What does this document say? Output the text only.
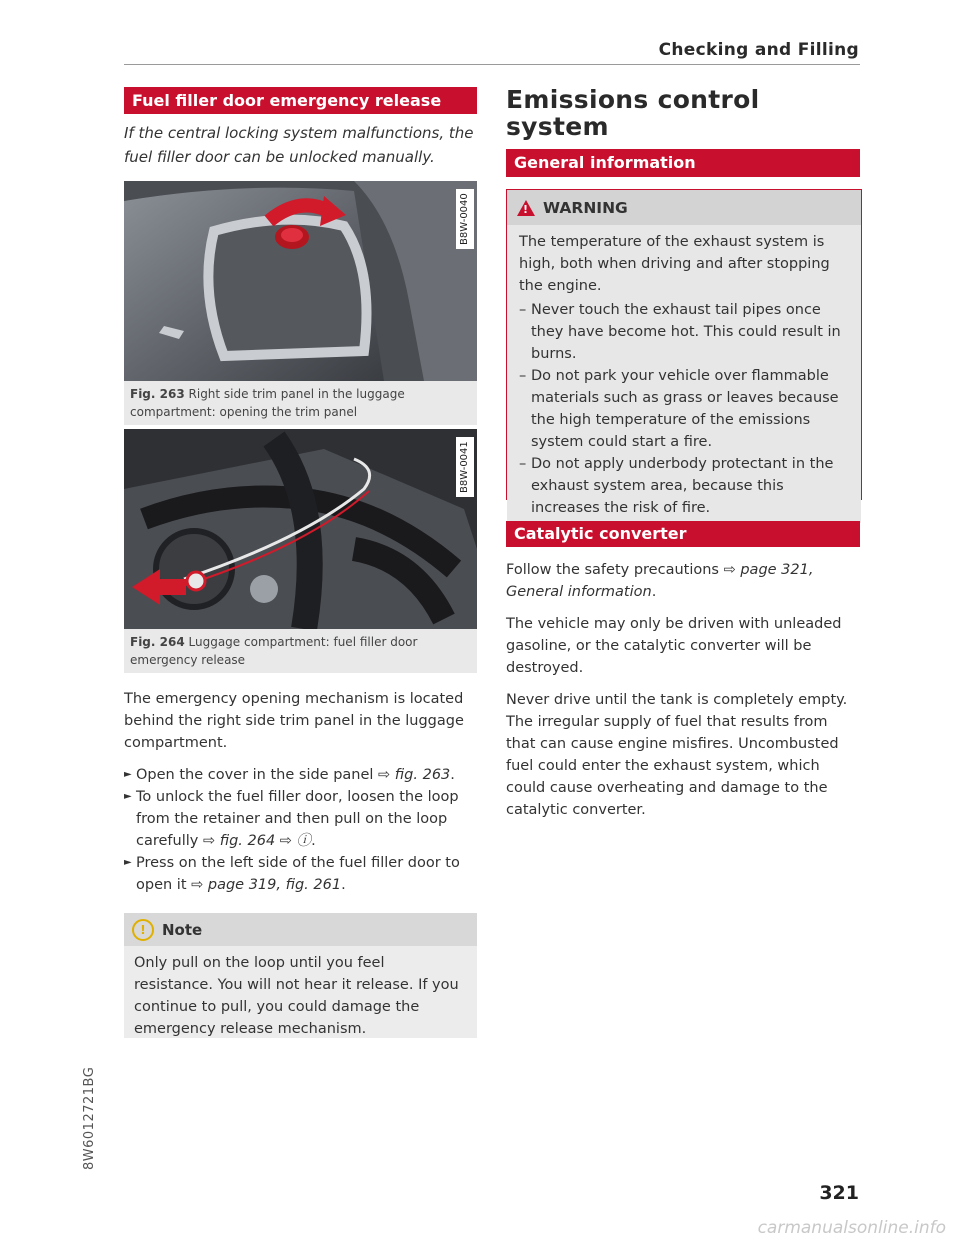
Checking and Filling
Fuel filler door emergency release
If the central locking system malfunctions, the fuel filler door can be unlocked manually.
B8W-0040
Fig. 263 Right side trim panel in the luggage compartment: opening the trim panel
B8W-0041
Fig. 264 Luggage compartment: fuel filler door emergency release

The emergency opening mechanism is located behind the right side trim panel in the luggage compartment.

► Open the cover in the side panel ⇨ fig. 263.
► To unlock the fuel filler door, loosen the loop from the retainer and then pull on the loop carefully ⇨ fig. 264 ⇨ ⓘ.
► Press on the left side of the fuel filler door to open it ⇨ page 319, fig. 261.
!	Note
Only pull on the loop until you feel resistance. You will not hear it release. If you continue to pull, you could damage the emergency release mechanism.
Emissions control system
General information
! WARNING
The temperature of the exhaust system is high, both when driving and after stopping the engine.
– Never touch the exhaust tail pipes once they have become hot. This could result in burns.
– Do not park your vehicle over flammable materials such as grass or leaves because the high temperature of the emissions system could start a fire.
– Do not apply underbody protectant in the exhaust system area, because this increases the risk of fire.
Catalytic converter

Follow the safety precautions ⇨ page 321, General information.

The vehicle may only be driven with unleaded gasoline, or the catalytic converter will be destroyed.

Never drive until the tank is completely empty. The irregular supply of fuel that results from that can cause engine misfires. Uncombusted fuel could enter the exhaust system, which could cause overheating and damage to the catalytic converter.

8W6012721BG
321
carmanualsonline.info
